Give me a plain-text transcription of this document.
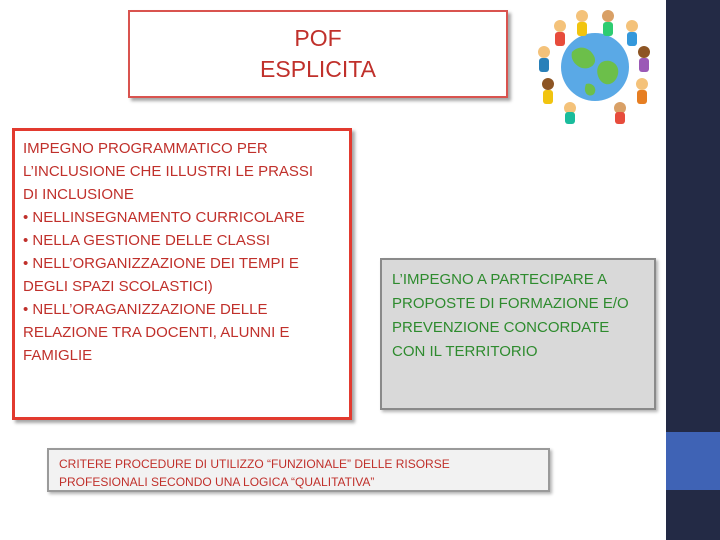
POF
ESPLICITA
IMPEGNO PROGRAMMATICO PER
L’INCLUSIONE CHE ILLUSTRI LE PRASSI
DI INCLUSIONE
• NELLINSEGNAMENTO CURRICOLARE
• NELLA GESTIONE DELLE CLASSI
• NELL’ORGANIZZAZIONE DEI TEMPI E
DEGLI SPAZI SCOLASTICI)
• NELL’ORAGANIZZAZIONE DELLE
RELAZIONE TRA DOCENTI, ALUNNI E
FAMIGLIE
L’IMPEGNO A PARTECIPARE A
PROPOSTE DI FORMAZIONE E/O
PREVENZIONE CONCORDATE
CON IL TERRITORIO
CRITERE PROCEDURE DI UTILIZZO “FUNZIONALE” DELLE RISORSE
PROFESIONALI SECONDO UNA LOGICA “QUALITATIVA”
